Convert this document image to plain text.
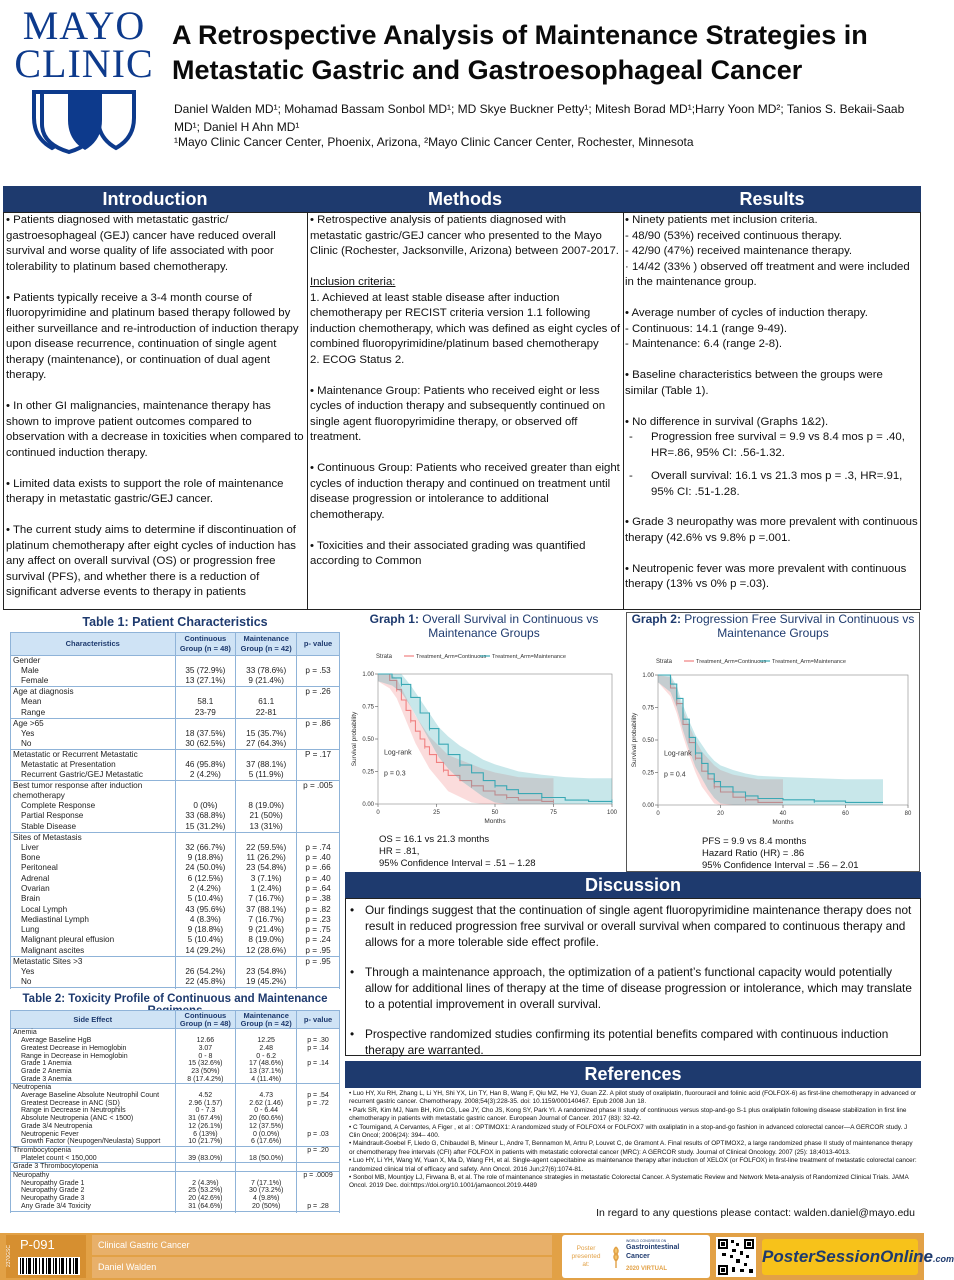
MAYO
CLINIC
A Retrospective Analysis of Maintenance Strategies in Metastatic Gastric and Gastroesophageal Cancer
Daniel Walden MD¹; Mohamad Bassam Sonbol MD¹; MD Skye Buckner Petty¹; Mitesh Borad MD¹;Harry Yoon MD²; Tanios S. Bekaii-Saab MD¹; Daniel H Ahn MD¹
¹Mayo Clinic Cancer Center, Phoenix, Arizona, ²Mayo Clinic Cancer Center, Rochester, Minnesota
Introduction	Methods	Results

• Patients diagnosed with metastatic gastric/ gastroesophageal (GEJ) cancer have reduced overall survival and worse quality of life associated with poor tolerability to platinum based chemotherapy.

• Patients typically receive a 3-4 month course of fluoropyrimidine and platinum based therapy followed by either surveillance and re-introduction of induction therapy upon disease recurrence, continuation of single agent therapy (maintenance), or continuation of dual agent therapy.

• In other GI malignancies, maintenance therapy has shown to improve patient outcomes compared to observation with a decrease in toxicities when compared to continued induction therapy.

• Limited data exists to support the role of maintenance therapy in metastatic gastric/GEJ cancer.

• The current study aims to determine if discontinuation of platinum chemotherapy after eight cycles of induction has any affect on overall survival (OS) or progression free survival (PFS), and whether there is a reduction of significant adverse events to therapy in patients

• Retrospective analysis of patients diagnosed with metastatic gastric/GEJ cancer who presented to the Mayo Clinic (Rochester, Jacksonville, Arizona) between 2007-2017.

Inclusion criteria:
1. Achieved at least stable disease after induction chemotherapy per RECIST criteria version 1.1 following induction chemotherapy, which was defined as eight cycles of combined fluoropyrimidine/platinum based chemotherapy

2. ECOG Status 2.

• Maintenance Group: Patients who received eight or less cycles of induction therapy and subsequently continued on single agent fluoropyrimidine therapy, or observed off treatment.

• Continuous Group: Patients who received greater than eight cycles of induction therapy and continued on treatment until disease progression or intolerance to additional chemotherapy.

• Toxicities and their associated grading was quantified according to Common

• Ninety patients met inclusion criteria.
- 48/90 (53%) received continuous therapy.
- 42/90 (47%) received maintenance therapy.

· 14/42 (33% ) observed off treatment and were included in the maintenance group.

• Average number of cycles of induction therapy.
- Continuous: 14.1 (range 9-49).

- Maintenance: 6.4 (range 2-8).

• Baseline characteristics between the groups were similar (Table 1).

• No difference in survival (Graphs 1&2).
-	Progression free survival = 9.9 vs 8.4 mos p = .40, HR=.86, 95% CI: .56-1.32.
-	Overall survival: 16.1 vs 21.3 mos p = .3, HR=.91, 95% CI: .51-1.28.

• Grade 3 neuropathy was more prevalent with continuous therapy (42.6% vs 9.8% p =.001.

• Neutropenic fever was more prevalent with continuous therapy (13% vs 0% p =.03).

Table 1: Patient Characteristics
Characteristics	Continuous Group (n = 48)	Maintenance Group (n = 42)	p- value
Gender			
Male	35 (72.9%)	33 (78.6%)	p = .53
Female	13 (27.1%)	9 (21.4%)	
Age at diagnosis			p = .26
Mean	58.1	61.1	
Range	23-79	22-81	
Age >65			p = .86
Yes	18 (37.5%)	15 (35.7%)	
No	30 (62.5%)	27 (64.3%)	
Metastatic or Recurrent Metastatic			P = .17
Metastatic at Presentation	46 (95.8%)	37 (88.1%)	
Recurrent Gastric/GEJ Metastatic	2 (4.2%)	5 (11.9%)	
Best tumor response after induction chemotherapy			p = .005
Complete Response	0 (0%)	8 (19.0%)	
Partial Response	33 (68.8%)	21 (50%)	
Stable Disease	15 (31.2%)	13 (31%)	
Sites of Metastasis			
Liver	32 (66.7%)	22 (59.5%)	p = .74
Bone	9 (18.8%)	11 (26.2%)	p = .40
Peritoneal	24 (50.0%)	23 (54.8%)	p = .66
Adrenal	6 (12.5%)	3 (7.1%)	p = .40
Ovarian	2 (4.2%)	1 (2.4%)	p = .64
Brain	5 (10.4%)	7 (16.7%)	p = .38
Local Lymph	43 (95.6%)	37 (88.1%)	p = .82
Mediastinal Lymph	4 (8.3%)	7 (16.7%)	p = .23
Lung	9 (18.8%)	9 (21.4%)	p = .75
Malignant pleural effusion	5 (10.4%)	8 (19.0%)	p = .24
Malignant ascites	14 (29.2%)	12 (28.6%)	p = .95
Metastatic Sites >3			p = .95
Yes	26 (54.2%)	23 (54.8%)	
No	22 (45.8%)	19 (45.2%)	

Table 2: Toxicity Profile of Continuous and Maintenance
Side Effect	Continuous Group (n = 48)	Maintenance Group (n = 42)	p- value
Anemia			
Average Baseline HgB	12.66	12.25	p = .30
Greatest Decrease in Hemoglobin	3.07	2.48	p = .14
Range in Decrease in Hemoglobin	0 - 8	0 - 6.2	
Grade 1 Anemia	15 (32.6%)	17 (48.6%)	p = .14
Grade 2 Anemia	23 (50%)	13 (37.1%)	
Grade 3 Anemia	8 (17.4.2%)	4 (11.4%)	
Neutropenia			
Average Baseline Absolute Neutrophil Count	4.52	4.73	p = .54
Greatest Decrease in ANC (SD)	2.96 (1.57)	2.62 (1.46)	p = .72
Range in Decrease in Neutrophils	0 - 7.3	0 - 6.44	
Absolute Neutropenia (ANC < 1500)	31 (67.4%)	20 (60.6%)	
Grade 3/4 Neutropenia	12 (26.1%)	12 (37.5%)	
Neutropenic Fever	6 (13%)	0 (0.0%)	p = .03
Growth Factor (Neupogen/Neulasta) Support	10 (21.7%)	6 (17.6%)	
Thrombocytopenia			p = .20
Platelet count < 150,000	39 (83.0%)	18 (50.0%)	
Grade 3 Thrombocytopenia			
Neuropathy			p = .0009
Neuropathy Grade 1	2 (4.3%)	7 (17.1%)	
Neuropathy Grade 2	25 (53.2%)	30 (73.2%)	
Neuropathy Grade 3	20 (42.6%)	4 (9.8%)	
Any Grade 3/4 Toxicity	31 (64.6%)	20 (50%)	p = .28

Graph 1: Overall Survival in Continuous vs Maintenance Groups
Strata	Treatment_Arm=Continuous Treatment_Arm=Maintenance
0.00
0.25
0.50
0.75
1.00
0	25	50	75	100
Months
Survival probability	Log-rank
p = 0.3
OS = 16.1 vs 21.3 months
HR = .81,
95% Confidence Interval = .51 – 1.28
Graph 2: Progression Free Survival in Continuous vs Maintenance Groups
Strata	Treatment_Arm=Continuous Treatment_Arm=Maintenance
0.00
0.25
0.50
0.75
1.00
0	20	40	60	80
Months
Survival probability	Log-rank
p = 0.4
PFS = 9.9 vs 8.4 months
Hazard Ratio (HR) = .86
95% Confidence Interval = .56 – 2.01
Discussion
• Our findings suggest that the continuation of single agent fluoropyrimidine maintenance therapy does not result in reduced progression free survival or overall survival when compared to continuous therapy and allows for a more tolerable side effect profile.
• Through a maintenance approach, the optimization of a patient’s functional capacity would potentially allow for additional lines of therapy at the time of disease progression or intolerance, which may translate to a potential improvement in overall survival.
• Prospective randomized studies confirming its potential benefits compared with continuous induction therapy are warranted.
References
• Luo HY, Xu RH, Zhang L, Li YH, Shi YX, Lin TY, Han B, Wang F, Qiu MZ, He YJ, Guan ZZ. A pilot study of oxaliplatin, fluorouracil and folinic acid (FOLFOX-6) as first-line chemotherapy in advanced or recurrent gastric cancer. Chemotherapy. 2008;54(3):228-35. doi: 10.1159/000140467. Epub 2008 Jun 18.
• Park SR, Kim MJ, Nam BH, Kim CG, Lee JY, Cho JS, Kong SY, Park YI. A randomized phase II study of continuous versus stop-and-go S-1 plus oxaliplatin following disease stabilization in first line chemotherapy in patients with metastatic gastric cancer. European Journal of Cancer. 2017 (83): 32-42.
• C Tournigand, A Cervantes, A Figer , et al : OPTIMOX1: A randomized study of FOLFOX4 or FOLFOX7 with oxaliplatin in a stop-and-go fashion in advanced colorectal cancer—A GERCOR study. J Clin Oncol; 2006(24): 394– 400.
• Maindrault-Goebel F, Lledo G, Chibaudel B, Mineur L, Andre T, Bennamon M, Artru P, Louvet C, de Gramont A. Final results of OPTIMOX2, a large randomized phase II study of maintenance therapy or chemotherapy free intervals (CFI) after FOLFOX in patients with metastatic colorectal cancer (MRC): A GERCOR study. Journal of Clinical Oncology. 2007 (25): 18;4013-4013.
• Luo HY, Li YH, Wang W, Yuan X, Ma D, Wang FH, et al. Single-agent capecitabine as maintenance therapy after induction of XELOX (or FOLFOX) in first-line treatment of metastatic colorectal cancer: randomized clinical trial of efficacy and safety. Ann Oncol. 2016 Jun;27(6):1074-81.
• Sonbol MB, Mountjoy LJ, Firwana B, et al. The role of maintenance strategies in metastatic Colorectal Cancer. A Systematic Review and Network Meta-analysis of Randomized Clinical Trials. JAMA Oncol. 2019 Dec. doi:https://doi.org/10.1001/jamaoncol.2019.4489
In regard to any questions please contact: walden.daniel@mayo.edu
2370GSC
P-091	Clinical Gastric Cancer
Daniel Walden
Poster presented at:
WORLD CONGRESS ON
Gastrointestinal
Cancer
2020 VIRTUAL
PosterSessionOnline.com
